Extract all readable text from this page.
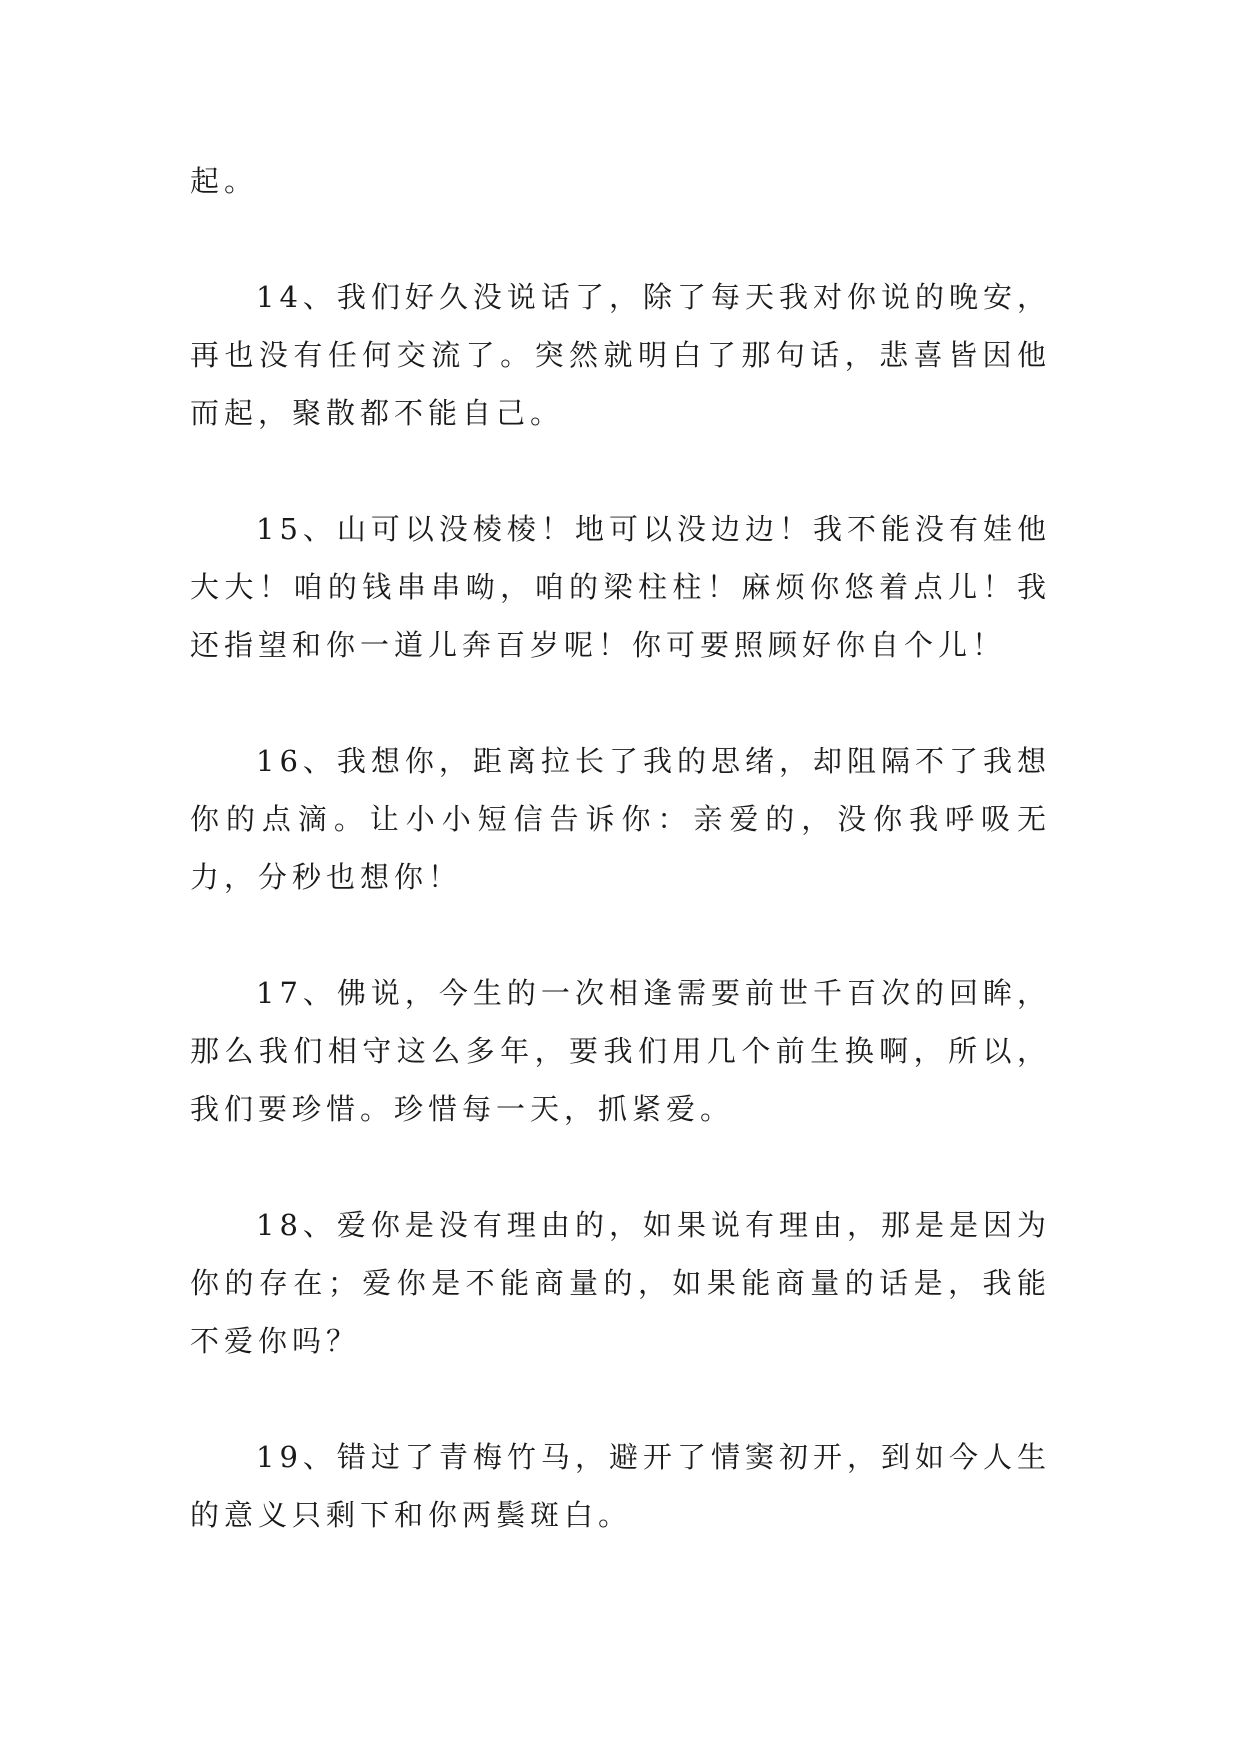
起。

14、我们好久没说话了，除了每天我对你说的晚安，再也没有任何交流了。突然就明白了那句话，悲喜皆因他而起，聚散都不能自己。

15、山可以没棱棱！地可以没边边！我不能没有娃他大大！咱的钱串串呦，咱的梁柱柱！麻烦你悠着点儿！我还指望和你一道儿奔百岁呢！你可要照顾好你自个儿！

16、我想你，距离拉长了我的思绪，却阻隔不了我想你的点滴。让小小短信告诉你：亲爱的，没你我呼吸无力，分秒也想你！

17、佛说，今生的一次相逢需要前世千百次的回眸，那么我们相守这么多年，要我们用几个前生换啊，所以，我们要珍惜。珍惜每一天，抓紧爱。

18、爱你是没有理由的，如果说有理由，那是是因为你的存在；爱你是不能商量的，如果能商量的话是，我能不爱你吗？

19、错过了青梅竹马，避开了情窦初开，到如今人生的意义只剩下和你两鬓斑白。
